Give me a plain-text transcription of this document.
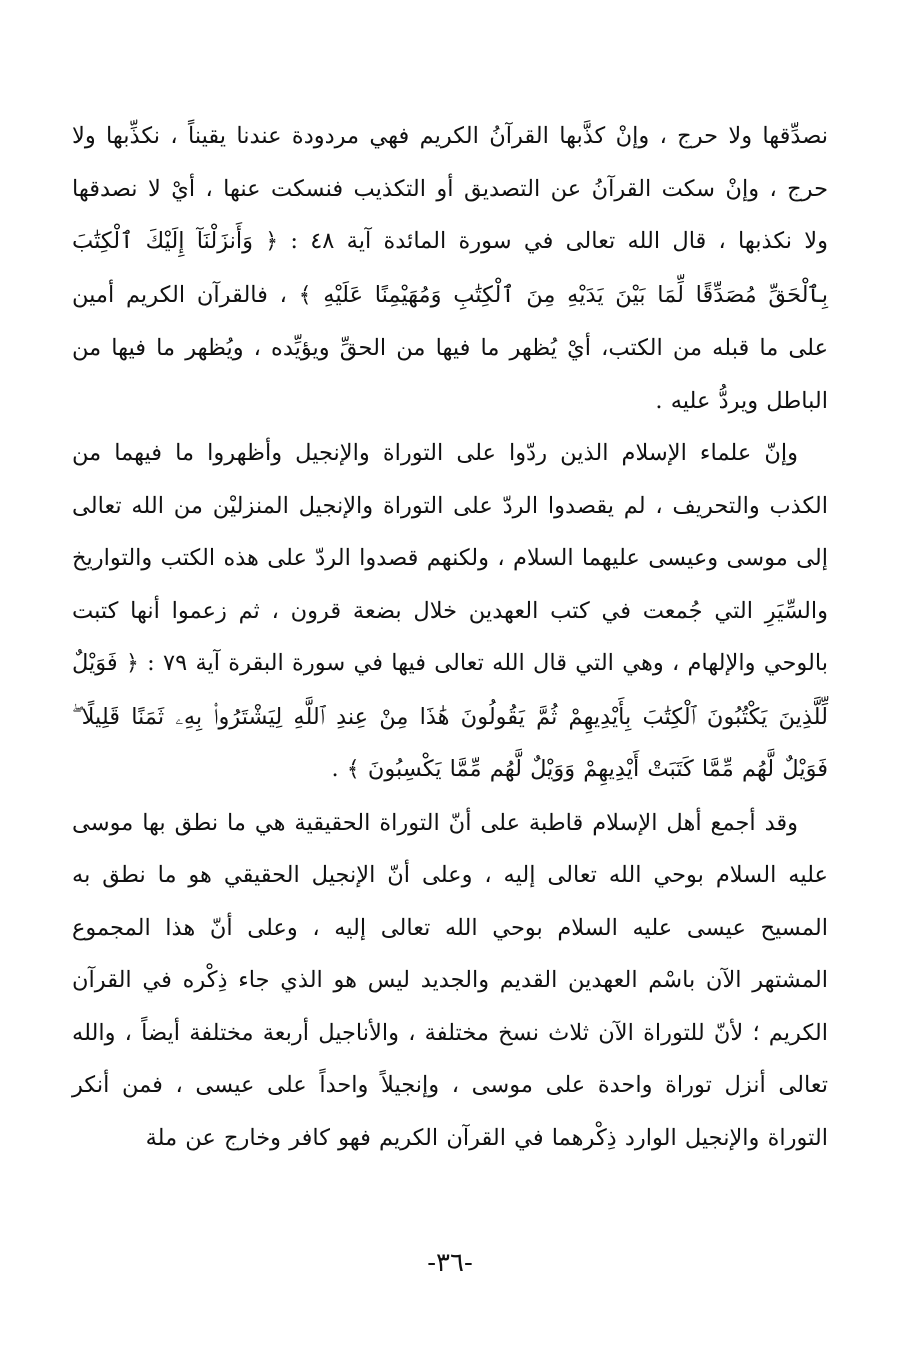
نصدِّقها ولا حرج ، وإنْ كذَّبها القرآنُ الكريم فهي مردودة عندنا يقيناً ، نكذِّبها ولا حرج ، وإنْ سكت القرآنُ عن التصديق أو التكذيب فنسكت عنها ، أيْ لا نصدقها ولا نكذبها ، قال الله تعالى في سورة المائدة آية ٤٨ : ﴿ وَأَنزَلْنَآ إِلَيْكَ ٱلْكِتَٰبَ بِٱلْحَقِّ مُصَدِّقًا لِّمَا بَيْنَ يَدَيْهِ مِنَ ٱلْكِتَٰبِ وَمُهَيْمِنًا عَلَيْهِ ﴾ ، فالقرآن الكريم أمين على ما قبله من الكتب، أيْ يُظهر ما فيها من الحقِّ ويؤيِّده ، ويُظهر ما فيها من الباطل ويردُّ عليه .

وإنّ علماء الإسلام الذين ردّوا على التوراة والإنجيل وأظهروا ما فيهما من الكذب والتحريف ، لم يقصدوا الردّ على التوراة والإنجيل المنزليْن من الله تعالى إلى موسى وعيسى عليهما السلام ، ولكنهم قصدوا الردّ على هذه الكتب والتواريخ والسِّيَرِ التي جُمعت في كتب العهدين خلال بضعة قرون ، ثم زعموا أنها كتبت بالوحي والإلهام ، وهي التي قال الله تعالى فيها في سورة البقرة آية ٧٩ : ﴿ فَوَيْلٌ لِّلَّذِينَ يَكْتُبُونَ ٱلْكِتَٰبَ بِأَيْدِيهِمْ ثُمَّ يَقُولُونَ هَٰذَا مِنْ عِندِ ٱللَّهِ لِيَشْتَرُوا۟ بِهِۦ ثَمَنًا قَلِيلًا ۖ فَوَيْلٌ لَّهُم مِّمَّا كَتَبَتْ أَيْدِيهِمْ وَوَيْلٌ لَّهُم مِّمَّا يَكْسِبُونَ ﴾ .

وقد أجمع أهل الإسلام قاطبة على أنّ التوراة الحقيقية هي ما نطق بها موسى عليه السلام بوحي الله تعالى إليه ، وعلى أنّ الإنجيل الحقيقي هو ما نطق به المسيح عيسى عليه السلام بوحي الله تعالى إليه ، وعلى أنّ هذا المجموع المشتهر الآن باسْم العهدين القديم والجديد ليس هو الذي جاء ذِكْره في القرآن الكريم ؛ لأنّ للتوراة الآن ثلاث نسخ مختلفة ، والأناجيل أربعة مختلفة أيضاً ، والله تعالى أنزل توراة واحدة على موسى ، وإنجيلاً واحداً على عيسى ، فمن أنكر التوراة والإنجيل الوارد ذِكْرهما في القرآن الكريم فهو كافر وخارج عن ملة

-٣٦-
